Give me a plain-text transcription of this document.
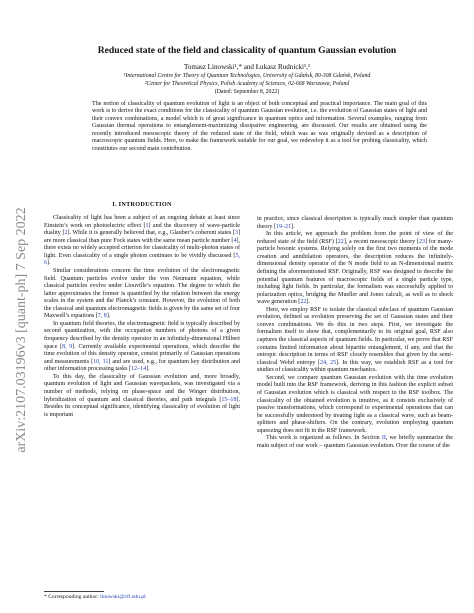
arXiv:2107.03196v3 [quant-ph] 7 Sep 2022
Reduced state of the field and classicality of quantum Gaussian evolution
Tomasz Linowski¹,* and Łukasz Rudnicki¹,²
¹International Centre for Theory of Quantum Technologies, University of Gdańsk, 80-308 Gdańsk, Poland
²Center for Theoretical Physics, Polish Academy of Sciences, 02-668 Warszawa, Poland
(Dated: September 8, 2022)
The notion of classicality of quantum evolution of light is an object of both conceptual and practical importance. The main goal of this work is to derive the exact conditions for the classicality of quantum Gaussian evolution, i.e. the evolution of Gaussian states of light and their convex combinations, a model which is of great significance in quantum optics and information. Several examples, ranging from Gaussian thermal operations to entanglement-maximizing dissipative engineering, are discussed. Our results are obtained using the recently introduced mesoscopic theory of the reduced state of the field, which was as was originally devised as a description of macroscopic quantum fields. Here, to make the framework suitable for our goal, we redevelop it as a tool for probing classicality, which constitutes our second main contribution.
I. INTRODUCTION

Classicality of light has been a subject of an ongoing debate at least since Einstein’s work on photoelectric effect [1] and the discovery of wave-particle duality [2]. While it is generally believed that, e.g., Glauber’s coherent states [3] are more classical than pure Fock states with the same mean particle number [4], there exists no widely accepted criterion for classicality of multi-photon states of light. Even classicality of a single photon continues to be vividly discussed [5, 6].

Similar considerations concern the time evolution of the electromagnetic field. Quantum particles evolve under the von Neumann equation, while classical particles evolve under Liouville’s equation. The degree to which the latter approximates the former is quantified by the relation between the energy scales in the system and the Planck’s constant. However, the evolution of both the classical and quantum electromagnetic fields is given by the same set of four Maxwell’s equations [7, 8].

In quantum field theories, the electromagnetic field is typically described by second quantization, with the occupation numbers of photons of a given frequency described by the density operator in an infinitely-dimensional Hilbert space [8, 9]. Currently available experimental operations, which describe the time evolution of this density operator, consist primarily of Gaussian operations and measurements [10, 11] and are used, e.g., for quantum key distribution and other information processing tasks [12–14].

To this day, the classicality of Gaussian evolution and, more broadly, quantum evolution of light and Gaussian wavepackets, was investigated via a number of methods, relying on phase-space and the Winger distribution, hybridization of quantum and classical theories, and path integrals [15–18]. Besides its conceptual significance, identifying classicality of evolution of light is important

in practice, since classical description is typically much simpler than quantum theory [19–21].

In this article, we approach the problem from the point of view of the reduced state of the field (RSF) [22], a recent mesoscopic theory [23] for many-particle bosonic systems. Relying solely on the first two moments of the mode creation and annihilation operators, the description reduces the infinitely-dimensional density operator of the N mode field to an N-dimensional matrix defining the aforementioned RSF. Originally, RSF was designed to describe the potential quantum features of macroscopic fields of a single particle type, including light fields. In particular, the formalism was successfully applied to polarization optics, bridging the Mueller and Jones calculi, as well as to shock wave generation [22].

Here, we employ RSF to isolate the classical subclass of quantum Gaussian evolution, defined as evolution preserving the set of Gaussian states and their convex combinations. We do this in two steps. First, we investigate the formalism itself to show that, complementarily to its original goal, RSF also captures the classical aspects of quantum fields. In particular, we prove that RSF contains limited information about bipartite entanglement, if any, and that the entropic description in terms of RSF closely resembles that given by the semi-classical Wehrl entropy [24, 25]. In this way, we establish RSF as a tool for studies of classicality within quantum mechanics.

Second, we compare quantum Gaussian evolution with the time evolution model built into the RSF framework, deriving in this fashion the explicit subset of Gaussian evolution which is classical with respect to the RSF toolbox. The classicality of the obtained evolution is intuitive, as it consists exclusively of passive transformations, which correspond to experimental operations that can be successfully understood by treating light as a classical wave, such as beam-splitters and phase-shifters. On the contrary, evolution employing quantum squeezing does not fit in the RSF framework.

This work is organized as follows. In Section II, we briefly summarize the main subject of our work – quantum Gaussian evolution. Over the course of the

* Corresponding author: linowski@cft.edu.pl
